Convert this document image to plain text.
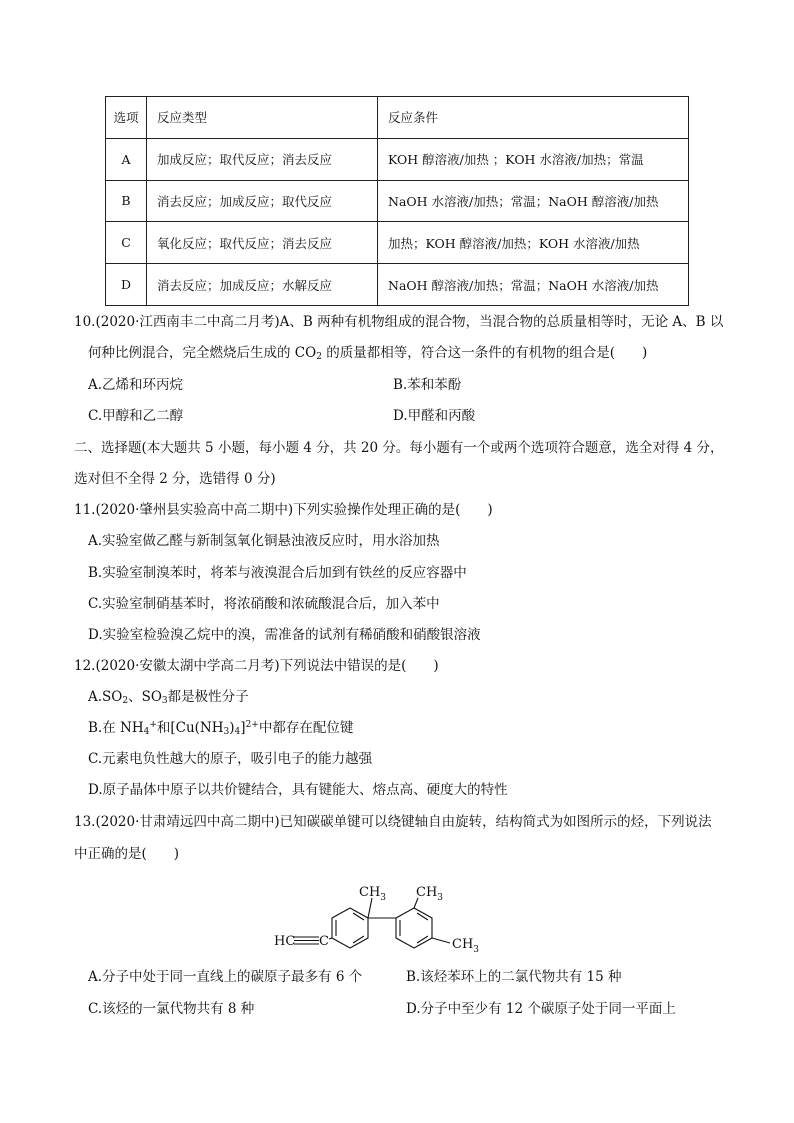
选项	反应类型	反应条件
A	加成反应；取代反应；消去反应	KOH 醇溶液/加热 ；KOH 水溶液/加热；常温
B	消去反应；加成反应；取代反应	NaOH 水溶液/加热；常温；NaOH 醇溶液/加热
C	氧化反应；取代反应；消去反应	加热；KOH 醇溶液/加热；KOH 水溶液/加热
D	消去反应；加成反应；水解反应	NaOH 醇溶液/加热；常温；NaOH 水溶液/加热
10.(2020·江西南丰二中高二月考)A、B 两种有机物组成的混合物，当混合物的总质量相等时，无论 A、B 以
何种比例混合，完全燃烧后生成的 $CO_2$ 的质量都相等，符合这一条件的有机物的组合是(　　)
A.乙烯和环丙烷	B.苯和苯酚
C.甲醇和乙二醇	D.甲醛和丙酸
二、选择题(本大题共 5 小题，每小题 4 分，共 20 分。每小题有一个或两个选项符合题意，选全对得 4 分，
选对但不全得 2 分，选错得 0 分)
11.(2020·肇州县实验高中高二期中)下列实验操作处理正确的是(　　)
A.实验室做乙醛与新制氢氧化铜悬浊液反应时，用水浴加热
B.实验室制溴苯时，将苯与液溴混合后加到有铁丝的反应容器中
C.实验室制硝基苯时，将浓硝酸和浓硫酸混合后，加入苯中
D.实验室检验溴乙烷中的溴，需准备的试剂有稀硝酸和硝酸银溶液
12.(2020·安徽太湖中学高二月考)下列说法中错误的是(　　)
$A.SO_2$、$SO_3$都是极性分子
B.在 $NH_4^+$和$[Cu(NH_3)_4]^{2+}$中都存在配位键
C.元素电负性越大的原子，吸引电子的能力越强
D.原子晶体中原子以共价键结合，具有键能大、熔点高、硬度大的特性
13.(2020·甘肃靖远四中高二期中)已知碳碳单键可以绕键轴自由旋转，结构简式为如图所示的烃，下列说法
中正确的是(　　)
HC C
$CH_3$ $CH_3$
$CH_3$
A.分子中处于同一直线上的碳原子最多有 6 个	B.该烃苯环上的二氯代物共有 15 种
C.该烃的一氯代物共有 8 种	D.分子中至少有 12 个碳原子处于同一平面上
